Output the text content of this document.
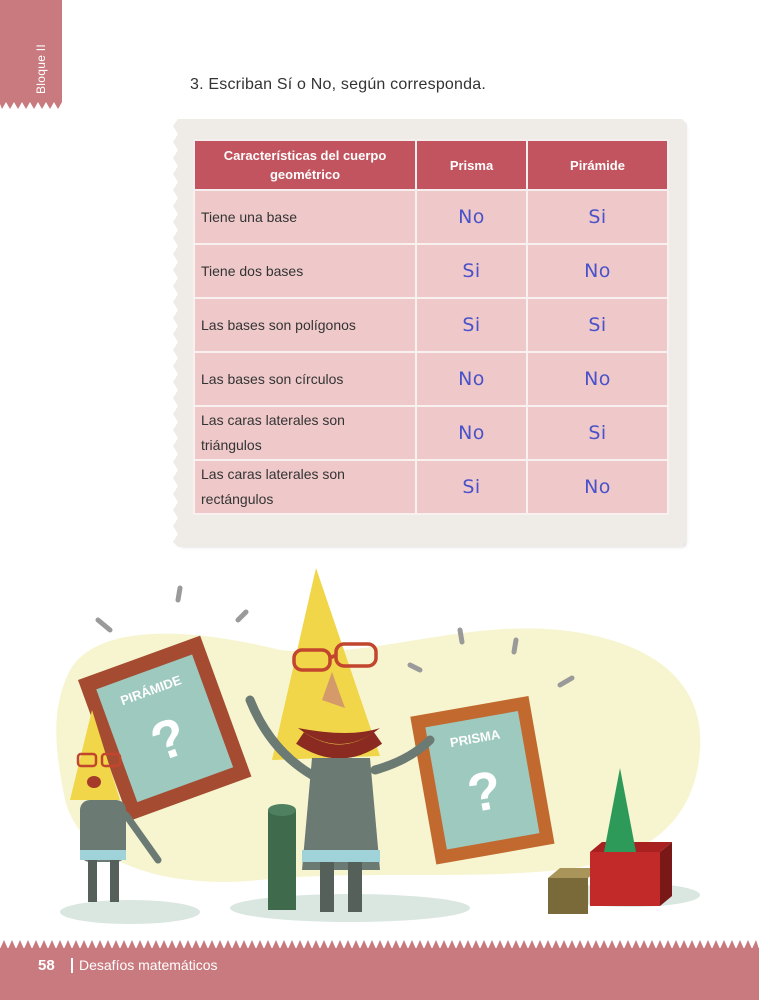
Bloque II	3. Escriban Sí o No, según corresponda.
Características del cuerpo geométrico	Prisma	Pirámide
Tiene una base	No	Si
Tiene dos bases	Si	No
Las bases son polígonos	Si	Si
Las bases son círculos	No	No
Las caras laterales son triángulos	No	Si
Las caras laterales son rectángulos	Si	No
PIRÁMIDE
?	PRISMA
?
58 Desafíos matemáticos
